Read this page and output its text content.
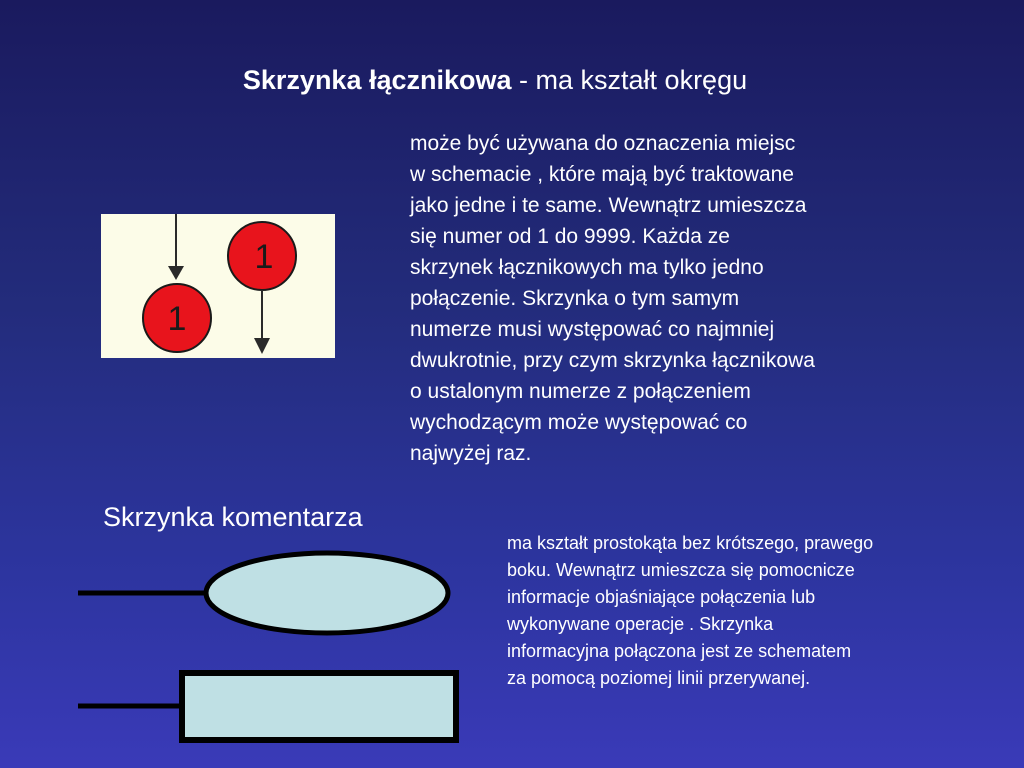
Skrzynka łącznikowa - ma kształt okręgu
może być używana do oznaczenia miejsc
w schemacie , które mają być traktowane
jako jedne i te same. Wewnątrz umieszcza
się numer od 1 do 9999. Każda ze
skrzynek łącznikowych ma tylko jedno
połączenie. Skrzynka o tym samym
numerze musi występować co najmniej
dwukrotnie, przy czym skrzynka łącznikowa
o ustalonym numerze z połączeniem
wychodzącym może występować co
najwyżej raz.
1
1
Skrzynka komentarza
ma kształt prostokąta bez krótszego, prawego
boku. Wewnątrz umieszcza się pomocnicze
informacje objaśniające połączenia lub
wykonywane operacje . Skrzynka
informacyjna połączona jest ze schematem
za pomocą poziomej linii przerywanej.
